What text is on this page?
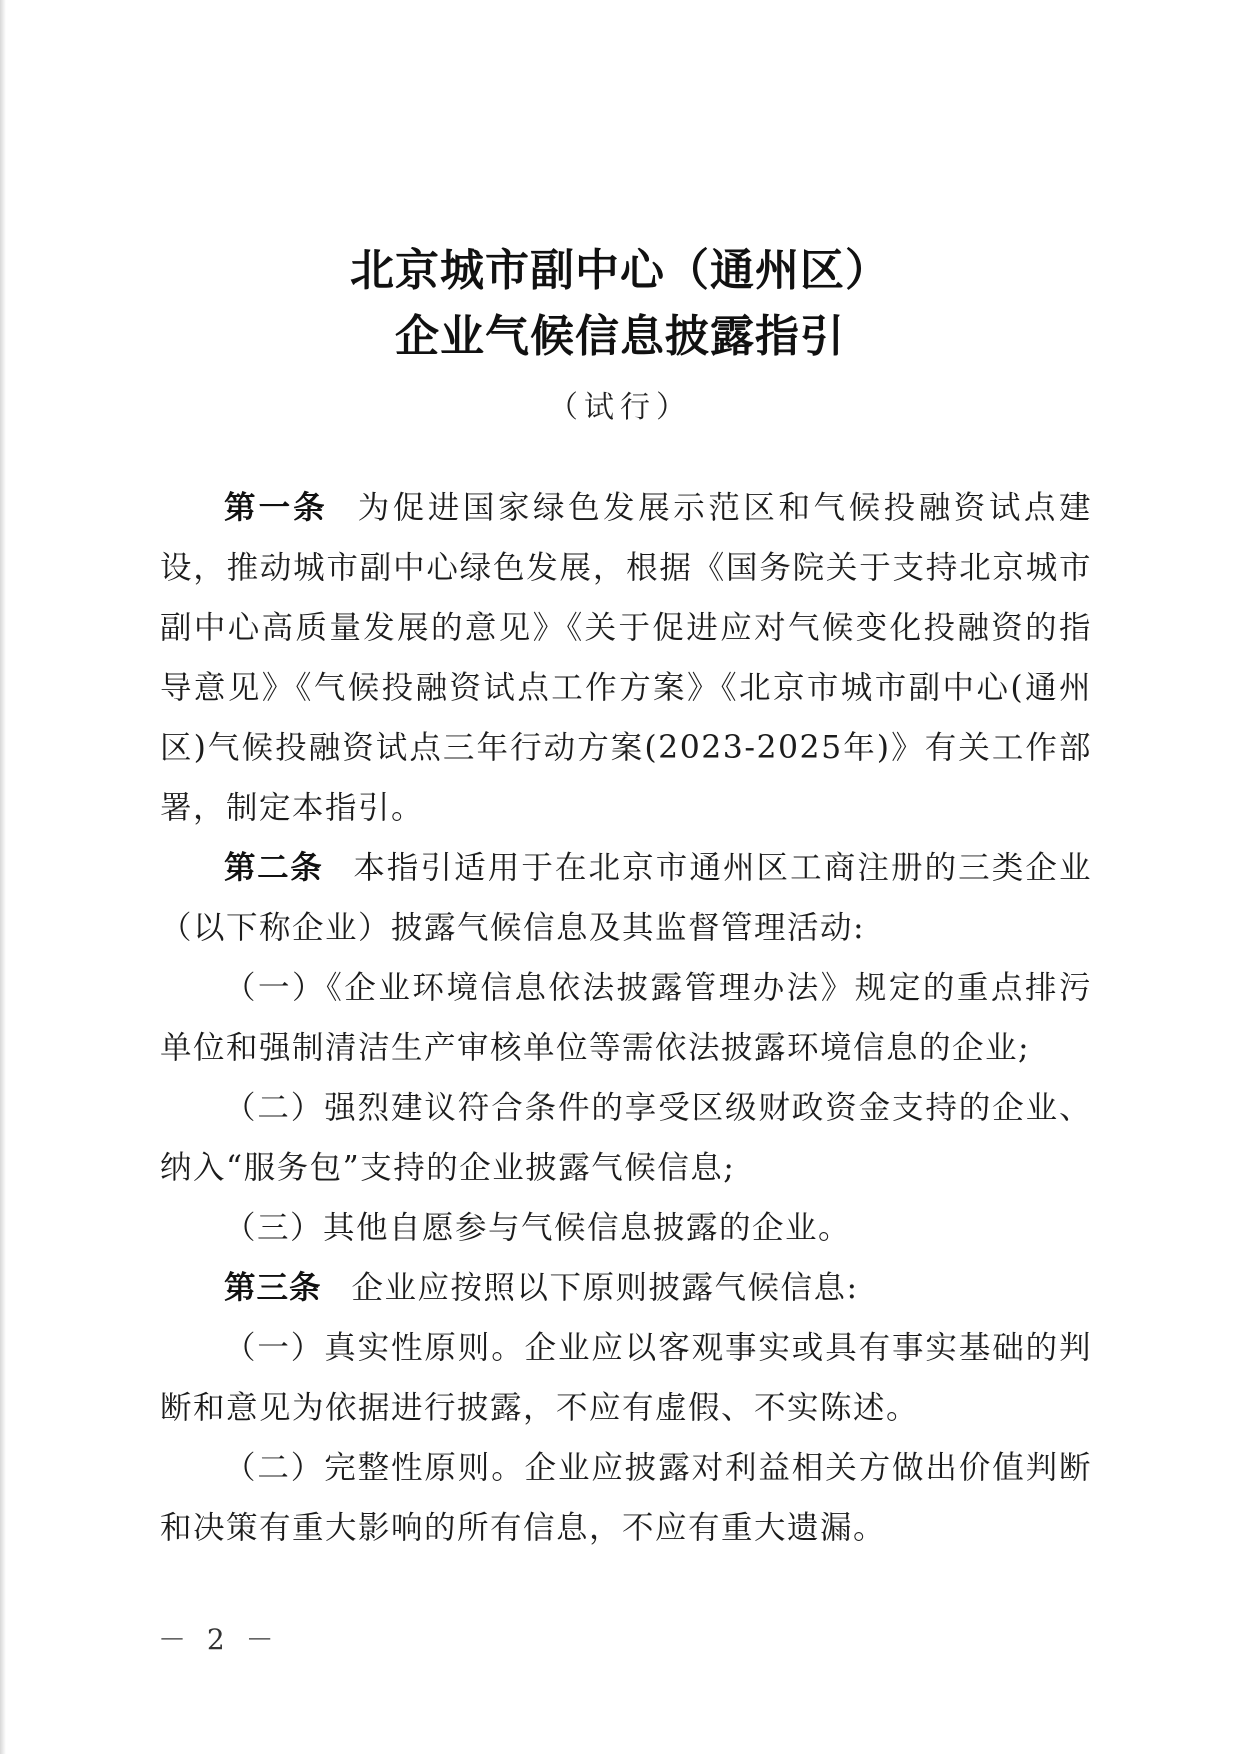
北京城市副中心（通州区）
企业气候信息披露指引
（试行）

第一条 为促进国家绿色发展示范区和气候投融资试点建设，推动城市副中心绿色发展，根据《国务院关于支持北京城市副中心高质量发展的意见》《关于促进应对气候变化投融资的指导意见》《气候投融资试点工作方案》《北京市城市副中心(通州区)气候投融资试点三年行动方案(2023-2025年)》有关工作部署，制定本指引。

第二条 本指引适用于在北京市通州区工商注册的三类企业（以下称企业）披露气候信息及其监督管理活动:

（一）《企业环境信息依法披露管理办法》规定的重点排污单位和强制清洁生产审核单位等需依法披露环境信息的企业;

（二）强烈建议符合条件的享受区级财政资金支持的企业、纳入“服务包”支持的企业披露气候信息;

（三）其他自愿参与气候信息披露的企业。

第三条 企业应按照以下原则披露气候信息:

（一）真实性原则。企业应以客观事实或具有事实基础的判断和意见为依据进行披露，不应有虚假、不实陈述。

（二）完整性原则。企业应披露对利益相关方做出价值判断和决策有重大影响的所有信息，不应有重大遗漏。

－ 2 －
